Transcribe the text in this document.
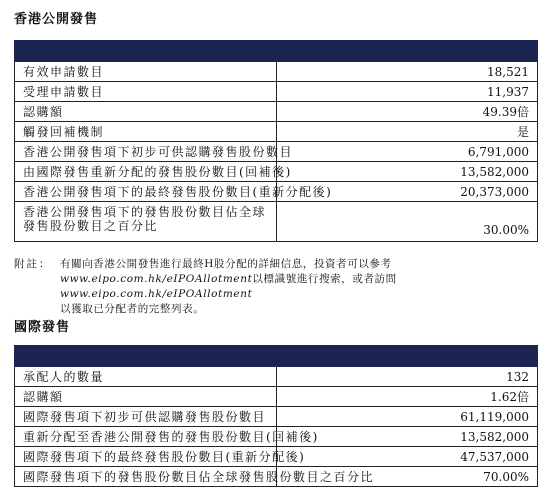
香港公開發售

有效申請數目	18,521
受理申請數目	11,937
認購額	49.39倍
觸發回補機制	是
香港公開發售項下初步可供認購發售股份數目	6,791,000
由國際發售重新分配的發售股份數目(回補後)	13,582,000
香港公開發售項下的最終發售股份數目(重新分配後)	20,373,000
香港公開發售項下的發售股份數目佔全球發售股份數目之百分比	30.00%
附註： 有關向香港公開發售進行最終H股分配的詳細信息，投資者可以參考
www.eipo.com.hk/eIPOAllotment以標識號進行搜索，或者訪問www.eipo.com.hk/eIPOAllotment
以獲取已分配者的完整列表。
國際發售

承配人的數量	132
認購額	1.62倍
國際發售項下初步可供認購發售股份數目	61,119,000
重新分配至香港公開發售的發售股份數目(回補後)	13,582,000
國際發售項下的最終發售股份數目(重新分配後)	47,537,000
國際發售項下的發售股份數目佔全球發售股份數目之百分比	70.00%
